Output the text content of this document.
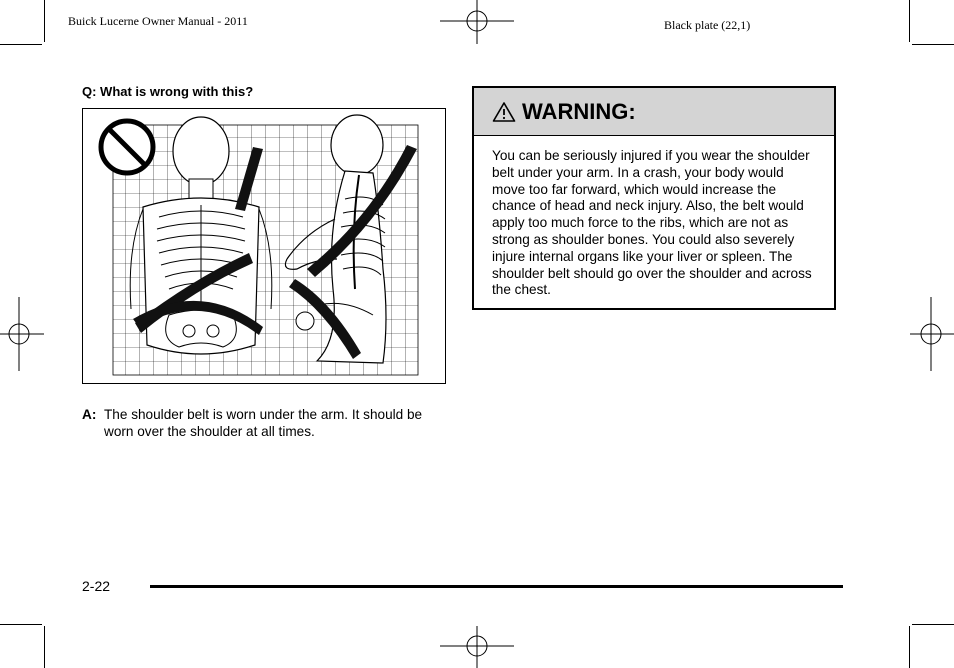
Buick Lucerne Owner Manual - 2011	Black plate (22,1)
Q: What is wrong with this?
A: The shoulder belt is worn under the arm. It should be worn over the shoulder at all times.
WARNING:
You can be seriously injured if you wear the shoulder belt under your arm. In a crash, your body would move too far forward, which would increase the chance of head and neck injury. Also, the belt would apply too much force to the ribs, which are not as strong as shoulder bones. You could also severely injure internal organs like your liver or spleen. The shoulder belt should go over the shoulder and across the chest.
2-22
